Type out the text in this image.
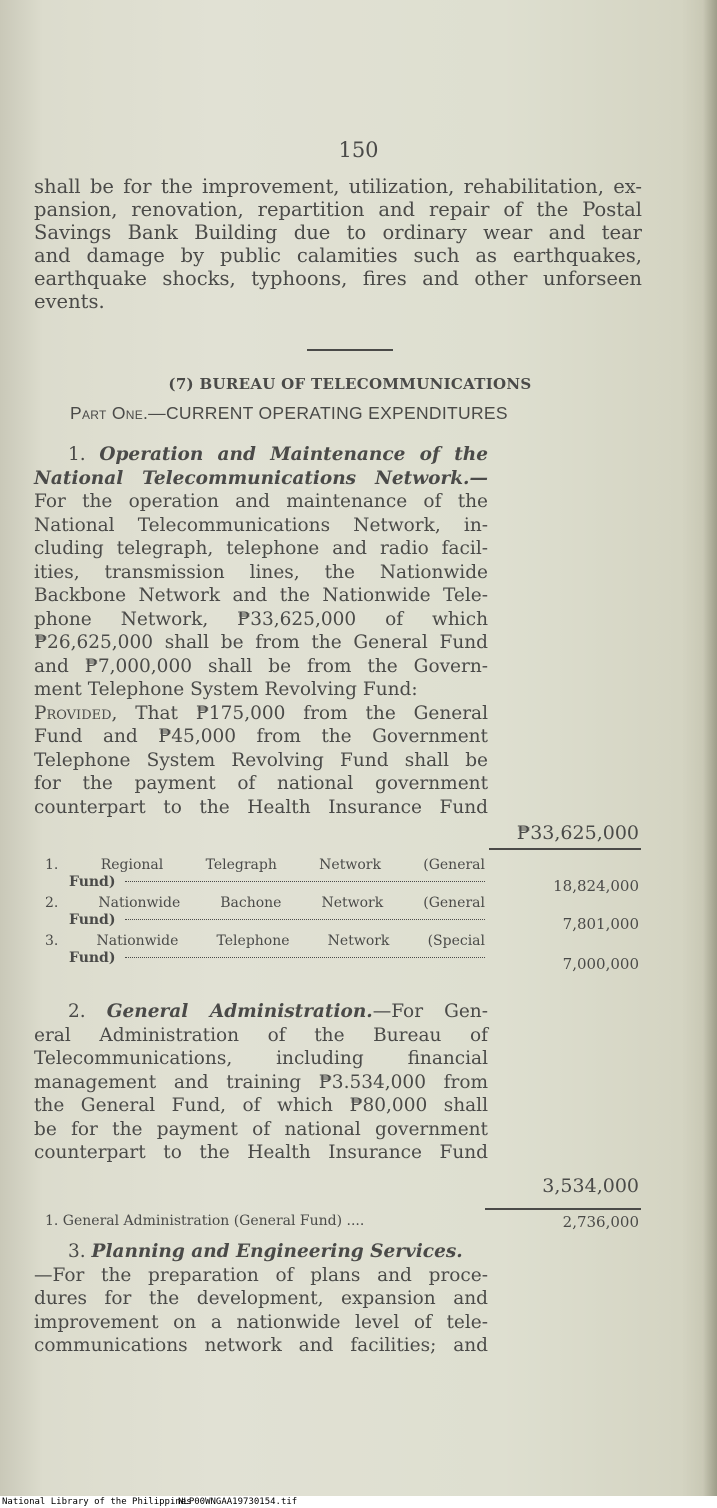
150

shall be for the improvement, utilization, rehabilitation, ex-
pansion, renovation, repartition and repair of the Postal
Savings Bank Building due to ordinary wear and tear
and damage by public calamities such as earthquakes,
earthquake shocks, typhoons, fires and other unforseen
events.

(7) BUREAU OF TELECOMMUNICATIONS
Part One.—CURRENT OPERATING EXPENDITURES
1. Operation and Maintenance of the
National Telecommunications Network.—
For the operation and maintenance of the
National Telecommunications Network, in-
cluding telegraph, telephone and radio facil-
ities, transmission lines, the Nationwide
Backbone Network and the Nationwide Tele-
phone Network, ₱33,625,000 of which
₱26,625,000 shall be from the General Fund
and ₱7,000,000 shall be from the Govern-
ment Telephone System Revolving Fund:
Provided, That ₱175,000 from the General
Fund and ₱45,000 from the Government
Telephone System Revolving Fund shall be
for the payment of national government
counterpart to the Health Insurance Fund
₱33,625,000
1.	Regional Telegraph Network (General
Fund)	18,824,000
2.	Nationwide Bachone Network (General
Fund)	7,801,000
3.	Nationwide Telephone Network (Special
Fund)	7,000,000
2. General Administration.—For Gen-
eral Administration of the Bureau of
Telecommunications, including financial
management and training ₱3.534,000 from
the General Fund, of which ₱80,000 shall
be for the payment of national government
counterpart to the Health Insurance Fund
3,534,000
1. General Administration (General Fund) ....	2,736,000
3. Planning and Engineering Services.
—For the preparation of plans and proce-
dures for the development, expansion and
improvement on a nationwide level of tele-
communications network and facilities; and
National Library of the Philippines
NLP00WNGAA19730154.tif
